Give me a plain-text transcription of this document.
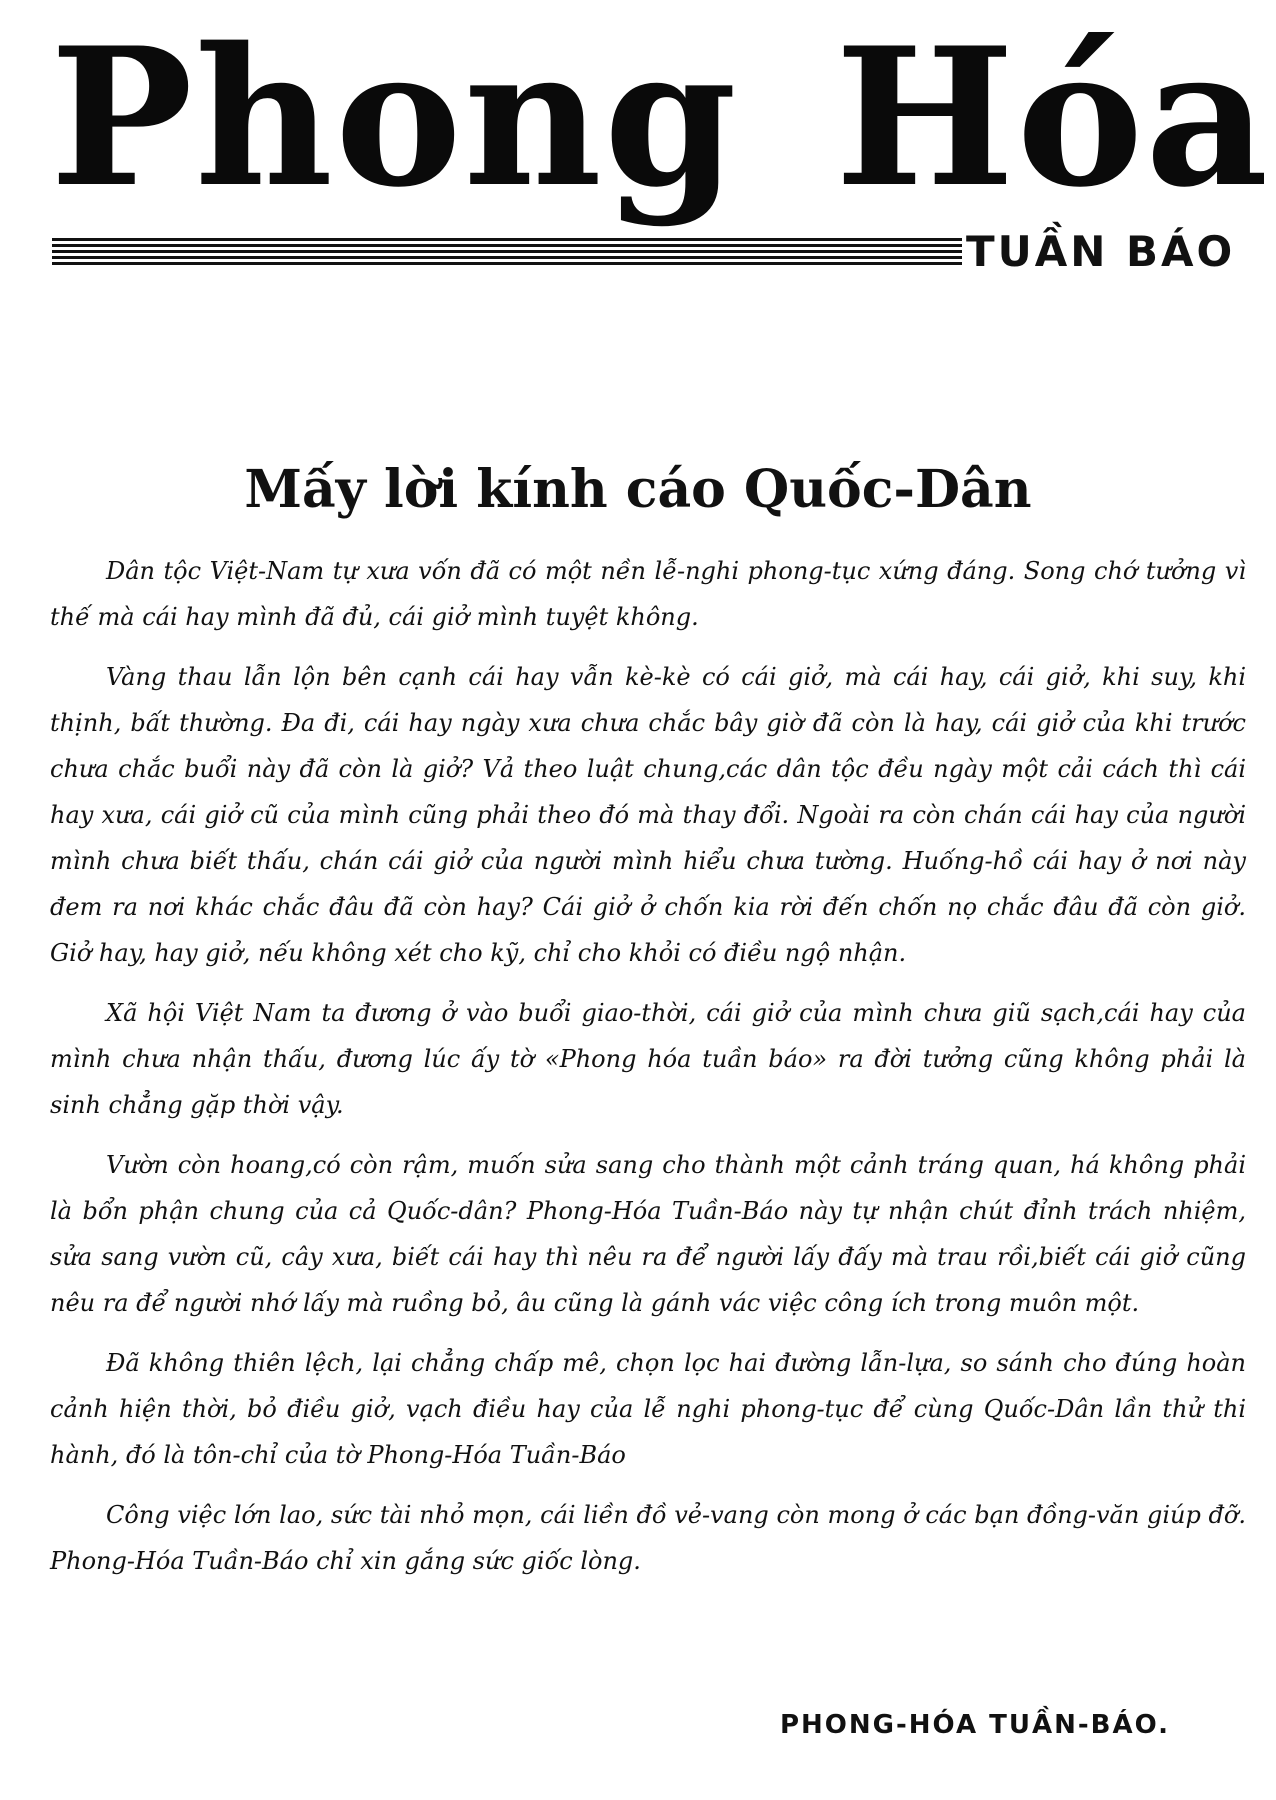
Phong Hóa
TUẦN BÁO
Mấy lời kính cáo Quốc-Dân

Dân tộc Việt-Nam tự xưa vốn đã có một nền lễ-nghi phong-tục xứng đáng. Song chớ tưởng vì thế mà cái hay mình đã đủ, cái giở mình tuyệt không.

Vàng thau lẫn lộn bên cạnh cái hay vẫn kè-kè có cái giở, mà cái hay, cái giở, khi suy, khi thịnh, bất thường. Đa đi, cái hay ngày xưa chưa chắc bây giờ đã còn là hay, cái giở của khi trước chưa chắc buổi này đã còn là giở? Vả theo luật chung,các dân tộc đều ngày một cải cách thì cái hay xưa, cái giở cũ của mình cũng phải theo đó mà thay đổi. Ngoài ra còn chán cái hay của người mình chưa biết thấu, chán cái giở của người mình hiểu chưa tường. Huống-hồ cái hay ở nơi này đem ra nơi khác chắc đâu đã còn hay? Cái giở ở chốn kia rời đến chốn nọ chắc đâu đã còn giở. Giở hay, hay giở, nếu không xét cho kỹ, chỉ cho khỏi có điều ngộ nhận.

Xã hội Việt Nam ta đương ở vào buổi giao-thời, cái giở của mình chưa giũ sạch,cái hay của mình chưa nhận thấu, đương lúc ấy tờ «Phong hóa tuần báo» ra đời tưởng cũng không phải là sinh chẳng gặp thời vậy.

Vườn còn hoang,có còn rậm, muốn sửa sang cho thành một cảnh tráng quan, há không phải là bổn phận chung của cả Quốc-dân? Phong-Hóa Tuần-Báo này tự nhận chút đỉnh trách nhiệm, sửa sang vườn cũ, cây xưa, biết cái hay thì nêu ra để người lấy đấy mà trau rồi,biết cái giở cũng nêu ra để người nhớ lấy mà ruồng bỏ, âu cũng là gánh vác việc công ích trong muôn một.

Đã không thiên lệch, lại chẳng chấp mê, chọn lọc hai đường lẫn-lựa, so sánh cho đúng hoàn cảnh hiện thời, bỏ điều giở, vạch điều hay của lễ nghi phong-tục để cùng Quốc-Dân lần thử thi hành, đó là tôn-chỉ của tờ Phong-Hóa Tuần-Báo

Công việc lớn lao, sức tài nhỏ mọn, cái liền đồ vẻ-vang còn mong ở các bạn đồng-văn giúp đỡ. Phong-Hóa Tuần-Báo chỉ xin gắng sức giốc lòng.

PHONG-HÓA TUẦN-BÁO.
